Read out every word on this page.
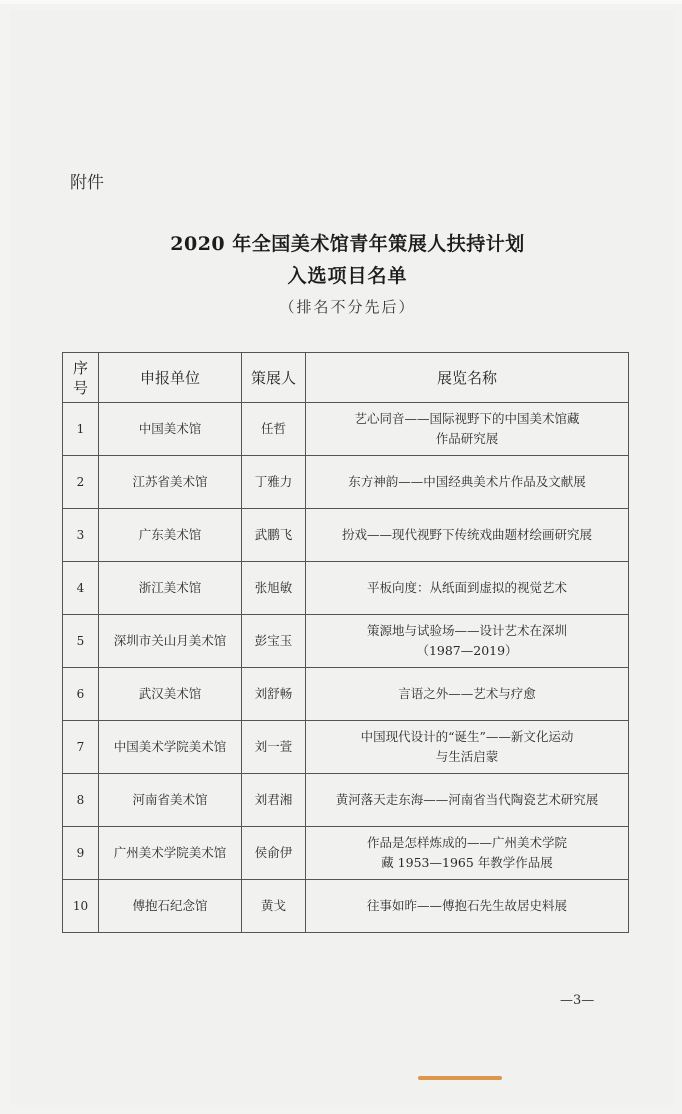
附件
2020 年全国美术馆青年策展人扶持计划
入选项目名单
（排名不分先后）
序号	申报单位	策展人	展览名称
1	中国美术馆	任哲	艺心同音——国际视野下的中国美术馆藏
作品研究展

2	江苏省美术馆	丁雅力	东方神韵——中国经典美术片作品及文献展

3	广东美术馆	武鹏飞	扮戏——现代视野下传统戏曲题材绘画研究展

4	浙江美术馆	张旭敏	平板向度：从纸面到虚拟的视觉艺术

5	深圳市关山月美术馆	彭宝玉	策源地与试验场——设计艺术在深圳
（1987—2019）

6	武汉美术馆	刘舒畅	言语之外——艺术与疗愈

7	中国美术学院美术馆	刘一萱	中国现代设计的“诞生”——新文化运动
与生活启蒙

8	河南省美术馆	刘君湘	黄河落天走东海——河南省当代陶瓷艺术研究展

9	广州美术学院美术馆	侯俞伊	作品是怎样炼成的——广州美术学院
藏 1953—1965 年教学作品展

10	傅抱石纪念馆	黄戈	往事如昨——傅抱石先生故居史料展
—3—
